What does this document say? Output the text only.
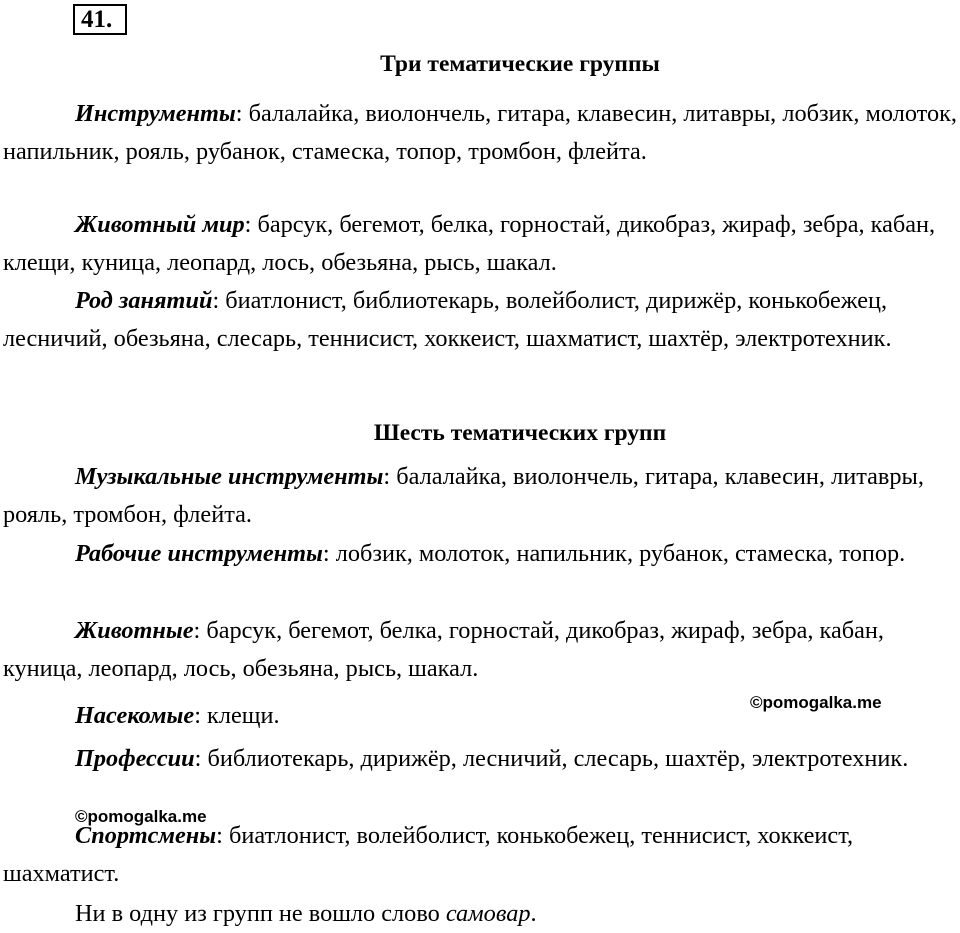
41.
Три тематические группы
Инструменты: балалайка, виолончель, гитара, клавесин, литавры, лобзик, молоток, напильник, рояль, рубанок, стамеска, топор, тромбон, флейта.
Животный мир: барсук, бегемот, белка, горностай, дикобраз, жираф, зебра, кабан, клещи, куница, леопард, лось, обезьяна, рысь, шакал.
Род занятий: биатлонист, библиотекарь, волейболист, дирижёр, конькобежец, лесничий, обезьяна, слесарь, теннисист, хоккеист, шахматист, шахтёр, электротехник.
Шесть тематических групп
Музыкальные инструменты: балалайка, виолончель, гитара, клавесин, литавры, рояль, тромбон, флейта.
Рабочие инструменты: лобзик, молоток, напильник, рубанок, стамеска, топор.
Животные: барсук, бегемот, белка, горностай, дикобраз, жираф, зебра, кабан, куница, леопард, лось, обезьяна, рысь, шакал.
Насекомые: клещи.
Профессии: библиотекарь, дирижёр, лесничий, слесарь, шахтёр, электротехник.
Спортсмены: биатлонист, волейболист, конькобежец, теннисист, хоккеист, шахматист.
Ни в одну из групп не вошло слово самовар.
©pomogalka.me
©pomogalka.me
